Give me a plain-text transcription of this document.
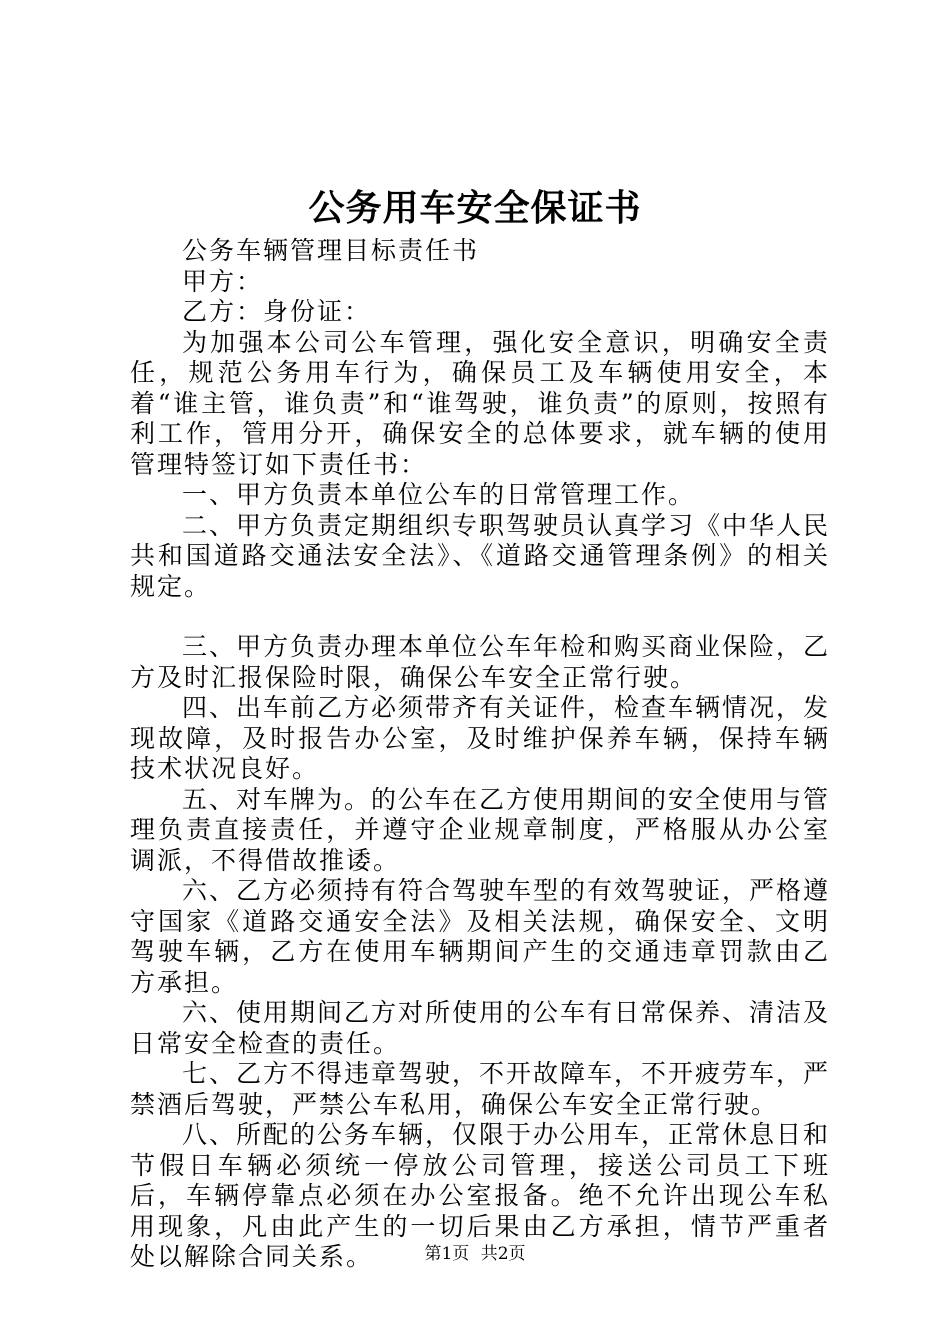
公务用车安全保证书

公务车辆管理目标责任书

甲方：

乙方：身份证：

为加强本公司公车管理，强化安全意识，明确安全责任，规范公务用车行为，确保员工及车辆使用安全，本着“谁主管，谁负责”和“谁驾驶，谁负责”的原则，按照有利工作，管用分开，确保安全的总体要求，就车辆的使用管理特签订如下责任书：

一、甲方负责本单位公车的日常管理工作。

二、甲方负责定期组织专职驾驶员认真学习《中华人民共和国道路交通法安全法》、《道路交通管理条例》的相关规定。

三、甲方负责办理本单位公车年检和购买商业保险，乙方及时汇报保险时限，确保公车安全正常行驶。

四、出车前乙方必须带齐有关证件，检查车辆情况，发现故障，及时报告办公室，及时维护保养车辆，保持车辆技术状况良好。

五、对车牌为。的公车在乙方使用期间的安全使用与管理负责直接责任，并遵守企业规章制度，严格服从办公室调派，不得借故推诿。

六、乙方必须持有符合驾驶车型的有效驾驶证，严格遵守国家《道路交通安全法》及相关法规，确保安全、文明驾驶车辆，乙方在使用车辆期间产生的交通违章罚款由乙方承担。

六、使用期间乙方对所使用的公车有日常保养、清洁及日常安全检查的责任。

七、乙方不得违章驾驶，不开故障车，不开疲劳车，严禁酒后驾驶，严禁公车私用，确保公车安全正常行驶。

八、所配的公务车辆，仅限于办公用车，正常休息日和节假日车辆必须统一停放公司管理，接送公司员工下班后，车辆停靠点必须在办公室报备。绝不允许出现公车私用现象，凡由此产生的一切后果由乙方承担，情节严重者处以解除合同关系。	第1页 共2页
